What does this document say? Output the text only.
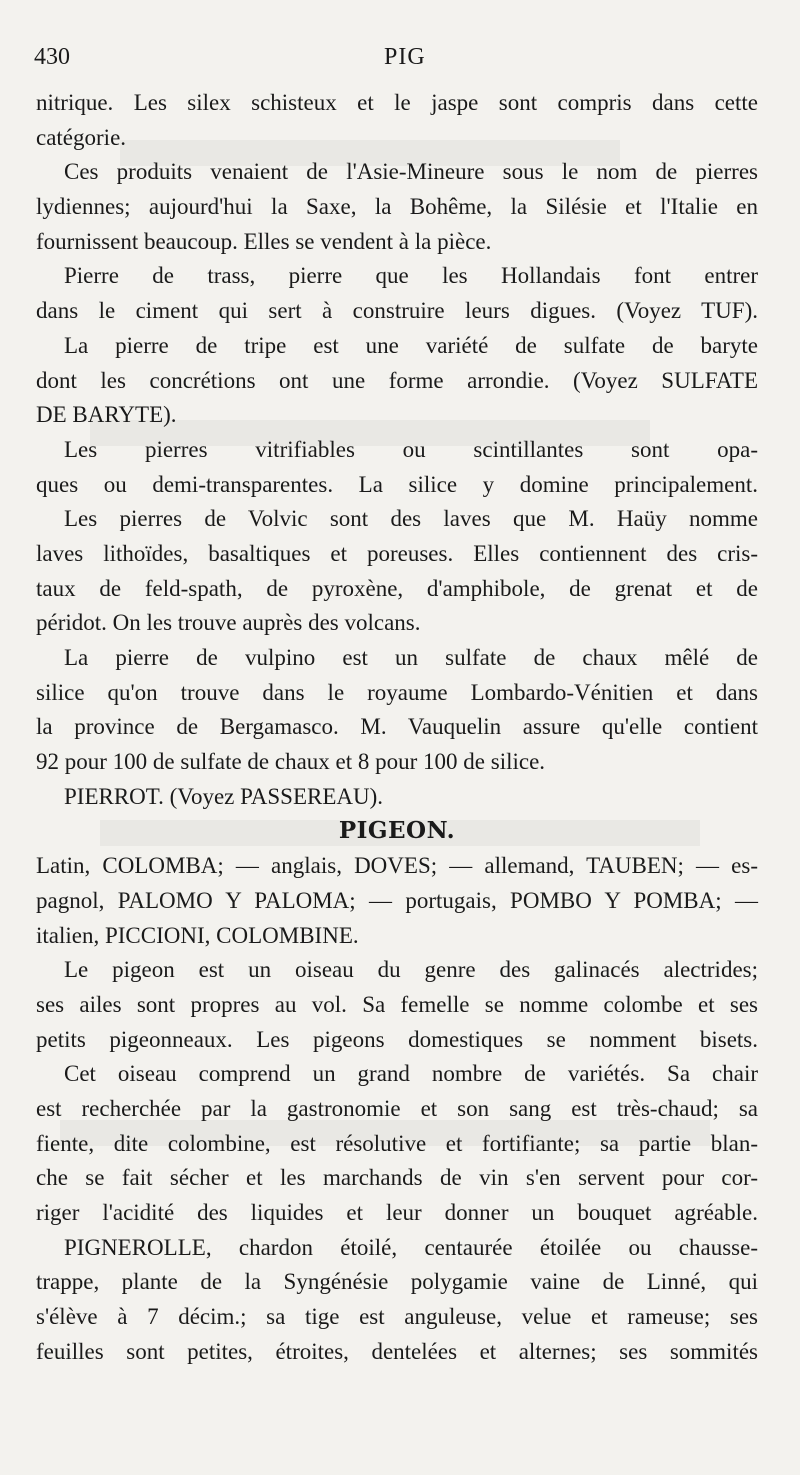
430	PIG
nitrique. Les silex schisteux et le jaspe sont compris dans cette
catégorie.
Ces produits venaient de l'Asie-Mineure sous le nom de pierres
lydiennes; aujourd'hui la Saxe, la Bohême, la Silésie et l'Italie en
fournissent beaucoup. Elles se vendent à la pièce.
Pierre de trass, pierre que les Hollandais font entrer
dans le ciment qui sert à construire leurs digues. (Voyez TUF).
La pierre de tripe est une variété de sulfate de baryte
dont les concrétions ont une forme arrondie. (Voyez SULFATE
DE BARYTE).
Les pierres vitrifiables ou scintillantes sont opa-
ques ou demi-transparentes. La silice y domine principalement.
Les pierres de Volvic sont des laves que M. Haüy nomme
laves lithoïdes, basaltiques et poreuses. Elles contiennent des cris-
taux de feld-spath, de pyroxène, d'amphibole, de grenat et de
péridot. On les trouve auprès des volcans.
La pierre de vulpino est un sulfate de chaux mêlé de
silice qu'on trouve dans le royaume Lombardo-Vénitien et dans
la province de Bergamasco. M. Vauquelin assure qu'elle contient
92 pour 100 de sulfate de chaux et 8 pour 100 de silice.
PIERROT. (Voyez PASSEREAU).
PIGEON.
Latin, COLOMBA; — anglais, DOVES; — allemand, TAUBEN; — es-
pagnol, PALOMO Y PALOMA; — portugais, POMBO Y POMBA; —
italien, PICCIONI, COLOMBINE.
Le pigeon est un oiseau du genre des galinacés alectrides;
ses ailes sont propres au vol. Sa femelle se nomme colombe et ses
petits pigeonneaux. Les pigeons domestiques se nomment bisets.
Cet oiseau comprend un grand nombre de variétés. Sa chair
est recherchée par la gastronomie et son sang est très-chaud; sa
fiente, dite colombine, est résolutive et fortifiante; sa partie blan-
che se fait sécher et les marchands de vin s'en servent pour cor-
riger l'acidité des liquides et leur donner un bouquet agréable.
PIGNEROLLE, chardon étoilé, centaurée étoilée ou chausse-
trappe, plante de la Syngénésie polygamie vaine de Linné, qui
s'élève à 7 décim.; sa tige est anguleuse, velue et rameuse; ses
feuilles sont petites, étroites, dentelées et alternes; ses sommités
